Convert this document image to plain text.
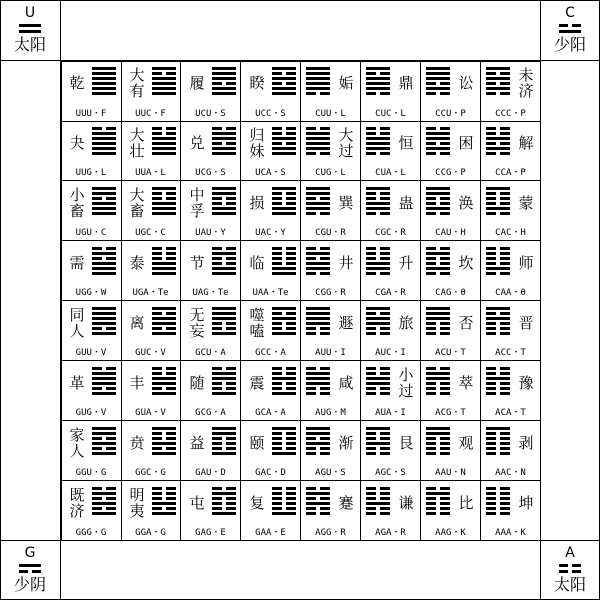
U
太阳
C
少阳
G
少阴
A
太阳
乾
UUU・F
大
有
UUC・F
履
UCU・S
睽
UCC・S
姤
CUU・L
鼎
CUC・L
讼
CCU・P
未
济
CCC・P
夬
UUG・L
大
壮
UUA・L
兑
UCG・S
归
妹
UCA・S
大
过
CUG・L
恒
CUA・L
困
CCG・P
解
CCA・P
小
畜
UGU・C
大
畜
UGC・C
中
孚
UAU・Y
损
UAC・Y
巽
CGU・R
蛊
CGC・R
涣
CAU・H
蒙
CAC・H
需
UGG・W
泰
UGA・Te
节
UAG・Te
临
UAA・Te
井
CGG・R
升
CGA・R
坎
CAG・θ
师
CAA・θ
同
人
GUU・V
离
GUC・V
无
妄
GCU・A
噬
嗑
GCC・A
遯
AUU・I
旅
AUC・I
否
ACU・T
晋
ACC・T
革
GUG・V
丰
GUA・V
随
GCG・A
震
GCA・A
咸
AUG・M
小
过
AUA・I
萃
ACG・T
豫
ACA・T
家
人
GGU・G
贲
GGC・G
益
GAU・D
颐
GAC・D
渐
AGU・S
艮
AGC・S
观
AAU・N
剥
AAC・N
既
济
GGG・G
明
夷
GGA・G
屯
GAG・E
复
GAA・E
蹇
AGG・R
谦
AGA・R
比
AAG・K
坤
AAA・K
